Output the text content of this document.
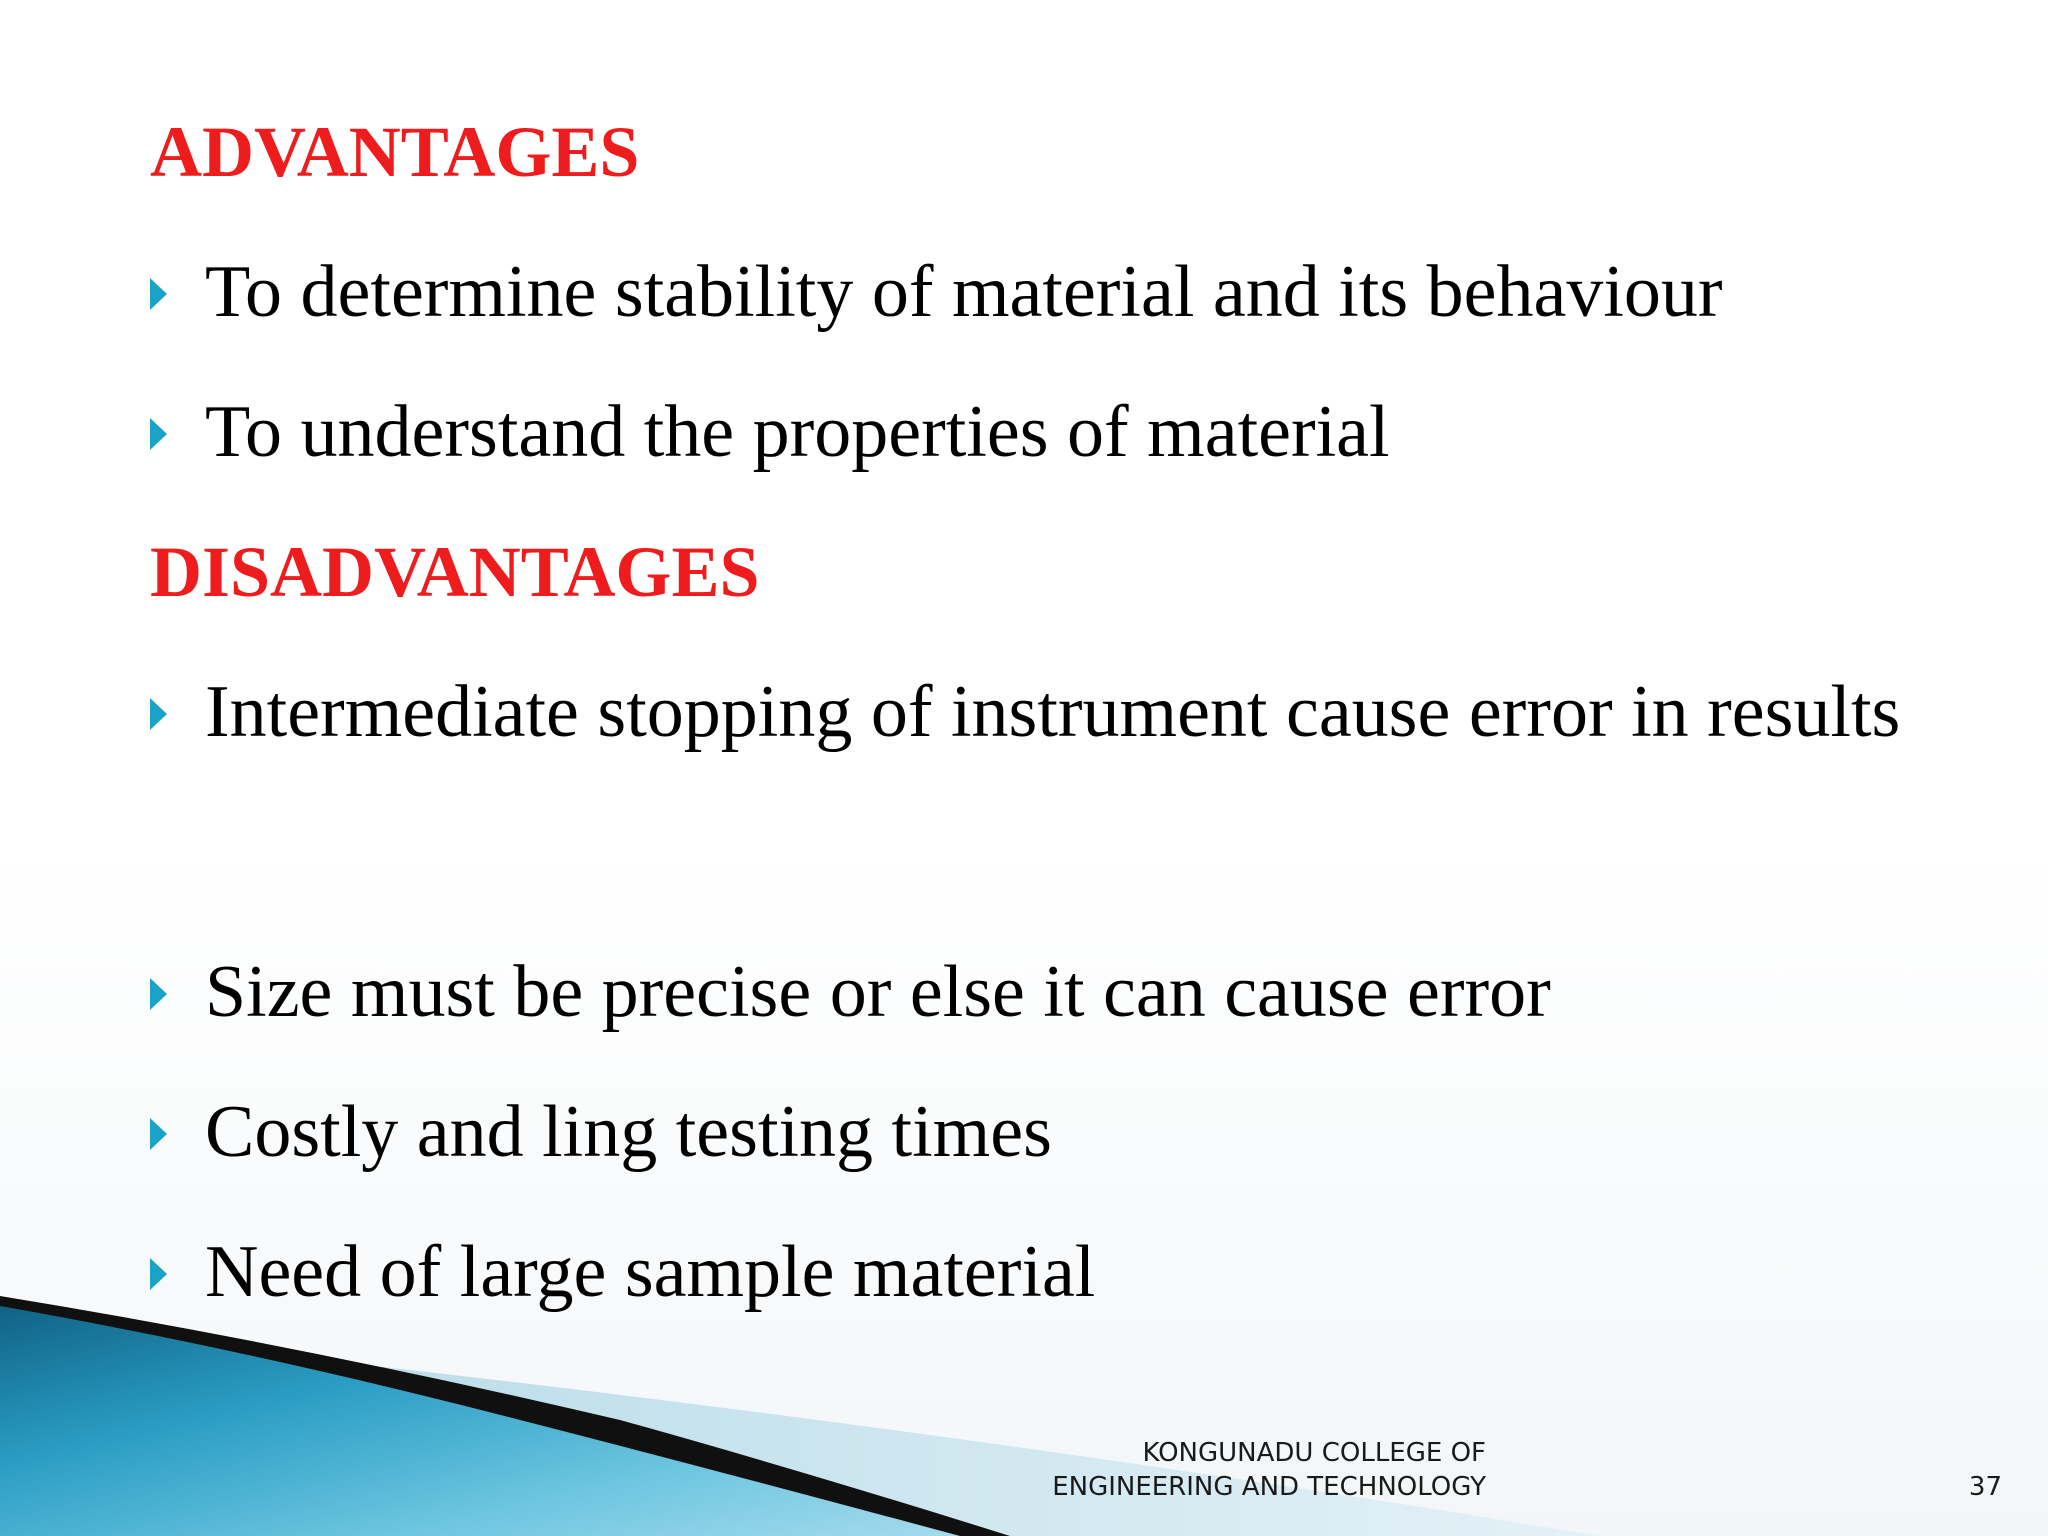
ADVANTAGES
To determine stability of material and its behaviour
To understand the properties of material
DISADVANTAGES
Intermediate stopping of instrument cause error in results
Size must be precise or else it can cause error
Costly and ling testing times
Need of large sample material
KONGUNADU COLLEGE OF
ENGINEERING AND TECHNOLOGY	37
